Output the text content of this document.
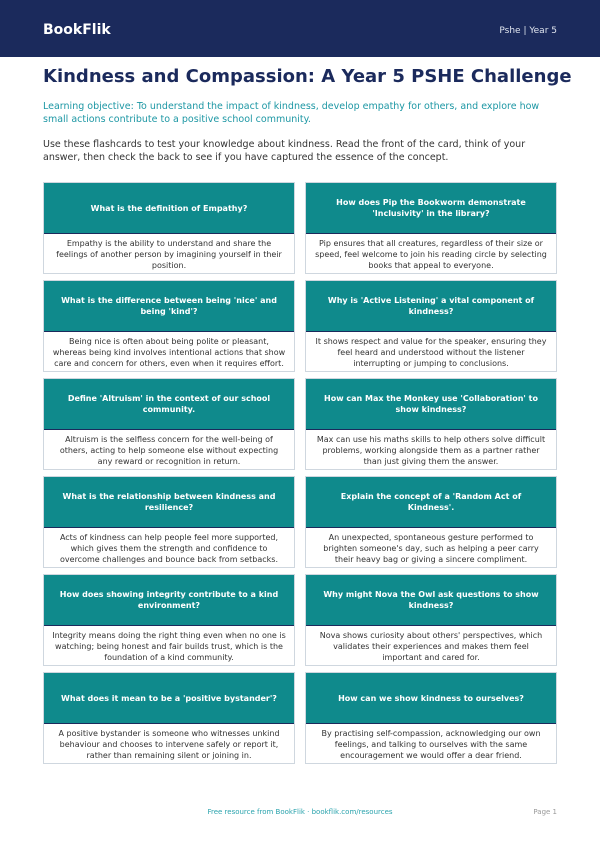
BookFlik	Pshe | Year 5
Kindness and Compassion: A Year 5 PSHE Challenge
Learning objective: To understand the impact of kindness, develop empathy for others, and explore how small actions contribute to a positive school community.
Use these flashcards to test your knowledge about kindness. Read the front of the card, think of your answer, then check the back to see if you have captured the essence of the concept.
What is the definition of Empathy?
Empathy is the ability to understand and share the feelings of another person by imagining yourself in their position.
How does Pip the Bookworm demonstrate 'Inclusivity' in the library?
Pip ensures that all creatures, regardless of their size or speed, feel welcome to join his reading circle by selecting books that appeal to everyone.
What is the difference between being 'nice' and being 'kind'?
Being nice is often about being polite or pleasant, whereas being kind involves intentional actions that show care and concern for others, even when it requires effort.
Why is 'Active Listening' a vital component of kindness?
It shows respect and value for the speaker, ensuring they feel heard and understood without the listener interrupting or jumping to conclusions.
Define 'Altruism' in the context of our school community.
Altruism is the selfless concern for the well-being of others, acting to help someone else without expecting any reward or recognition in return.
How can Max the Monkey use 'Collaboration' to show kindness?
Max can use his maths skills to help others solve difficult problems, working alongside them as a partner rather than just giving them the answer.
What is the relationship between kindness and resilience?
Acts of kindness can help people feel more supported, which gives them the strength and confidence to overcome challenges and bounce back from setbacks.
Explain the concept of a 'Random Act of Kindness'.
An unexpected, spontaneous gesture performed to brighten someone's day, such as helping a peer carry their heavy bag or giving a sincere compliment.
How does showing integrity contribute to a kind environment?
Integrity means doing the right thing even when no one is watching; being honest and fair builds trust, which is the foundation of a kind community.
Why might Nova the Owl ask questions to show kindness?
Nova shows curiosity about others' perspectives, which validates their experiences and makes them feel important and cared for.
What does it mean to be a 'positive bystander'?
A positive bystander is someone who witnesses unkind behaviour and chooses to intervene safely or report it, rather than remaining silent or joining in.
How can we show kindness to ourselves?
By practising self-compassion, acknowledging our own feelings, and talking to ourselves with the same encouragement we would offer a dear friend.
Free resource from BookFlik · bookflik.com/resources	Page 1
